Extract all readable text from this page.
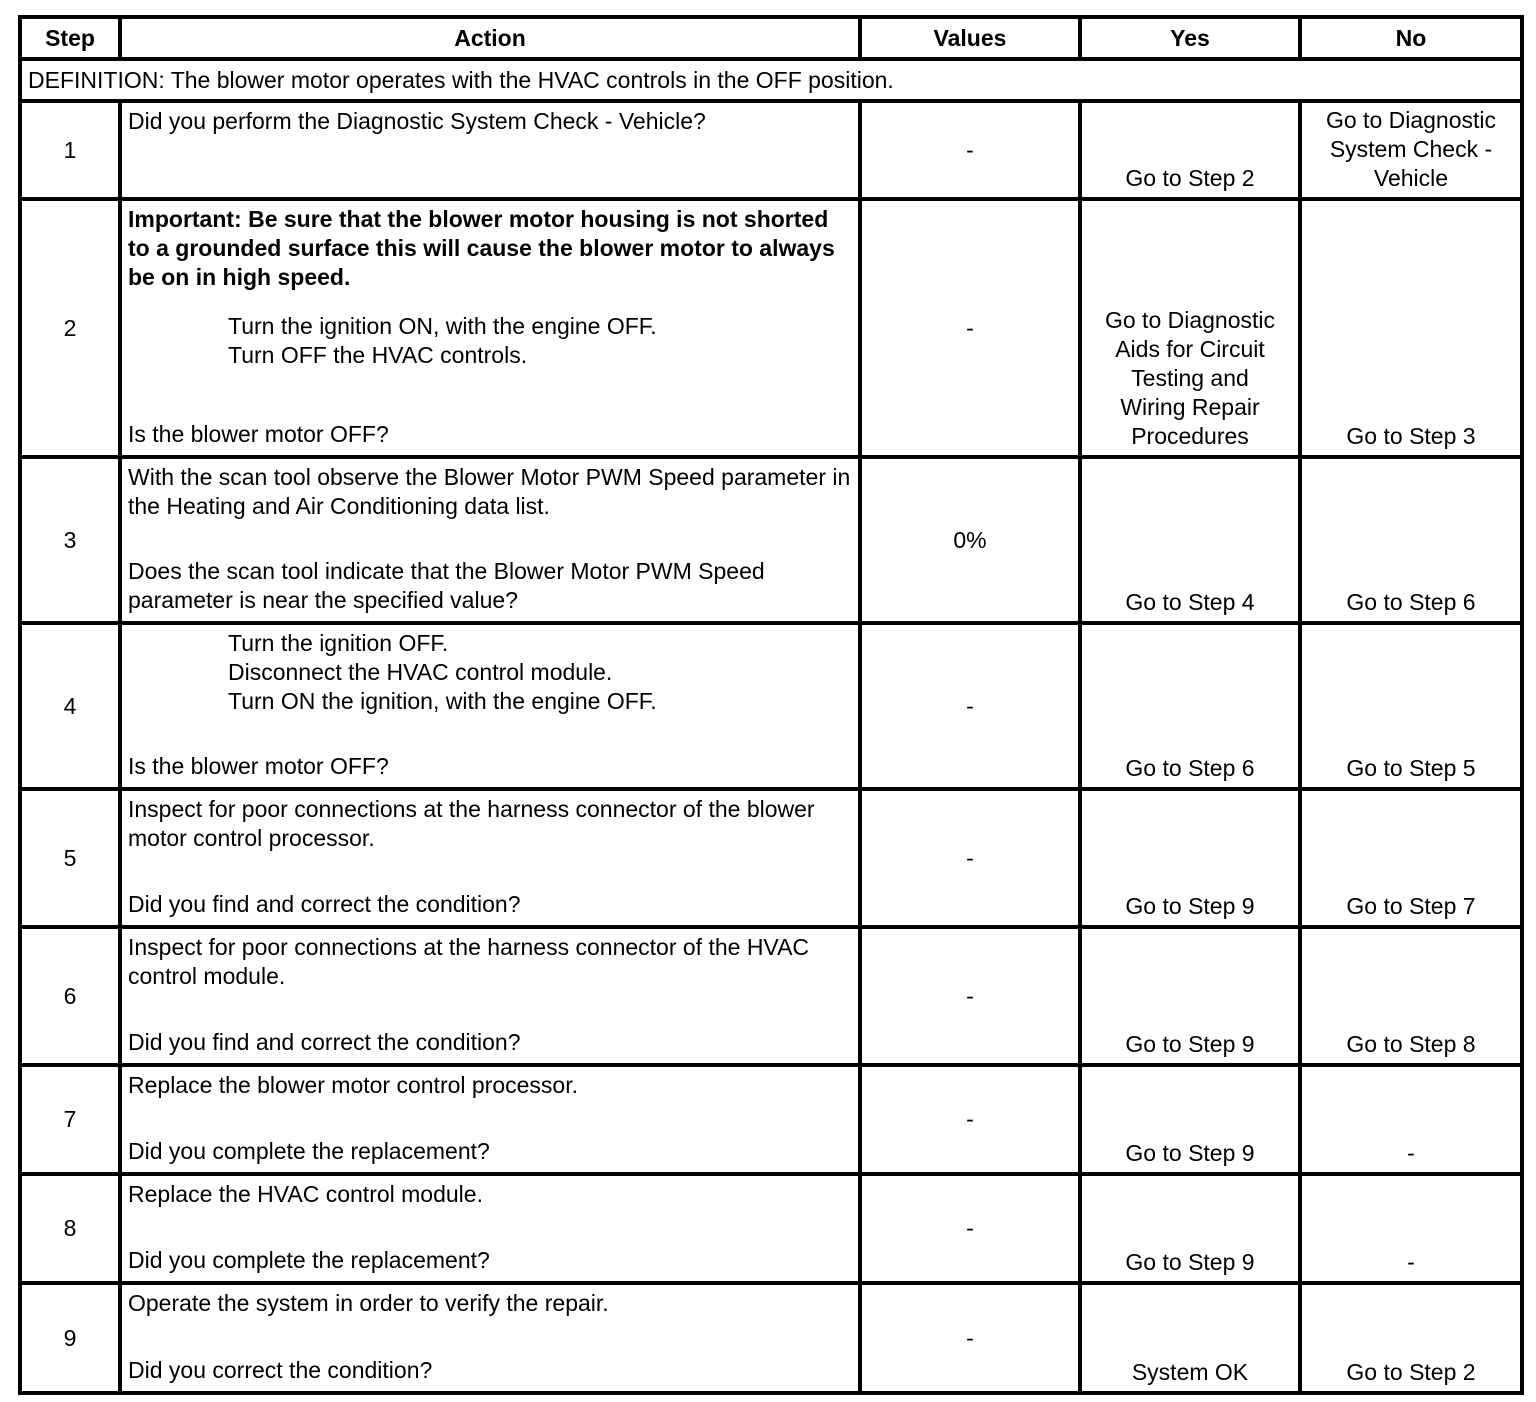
Step	Action	Values	Yes	No
DEFINITION: The blower motor operates with the HVAC controls in the OFF position.				
1	Did you perform the Diagnostic System Check - Vehicle?	-	Go to Step 2	Go to Diagnostic System Check - Vehicle
2	Important: Be sure that the blower motor housing is not shorted to a grounded surface this will cause the blower motor to always be on in high speed.
Turn the ignition ON, with the engine OFF.
Turn OFF the HVAC controls.
Is the blower motor OFF?	-	Go to Diagnostic Aids for Circuit Testing and Wiring Repair Procedures	Go to Step 3
3	With the scan tool observe the Blower Motor PWM Speed parameter in the Heating and Air Conditioning data list.
Does the scan tool indicate that the Blower Motor PWM Speed parameter is near the specified value?	0%	Go to Step 4	Go to Step 6
4	Turn the ignition OFF.
Disconnect the HVAC control module.
Turn ON the ignition, with the engine OFF.
Is the blower motor OFF?	-	Go to Step 6	Go to Step 5
5	Inspect for poor connections at the harness connector of the blower motor control processor.
Did you find and correct the condition?	-	Go to Step 9	Go to Step 7
6	Inspect for poor connections at the harness connector of the HVAC control module.
Did you find and correct the condition?	-	Go to Step 9	Go to Step 8
7	Replace the blower motor control processor.
Did you complete the replacement?	-	Go to Step 9	-
8	Replace the HVAC control module.
Did you complete the replacement?	-	Go to Step 9	-
9	Operate the system in order to verify the repair.
Did you correct the condition?	-	System OK	Go to Step 2
